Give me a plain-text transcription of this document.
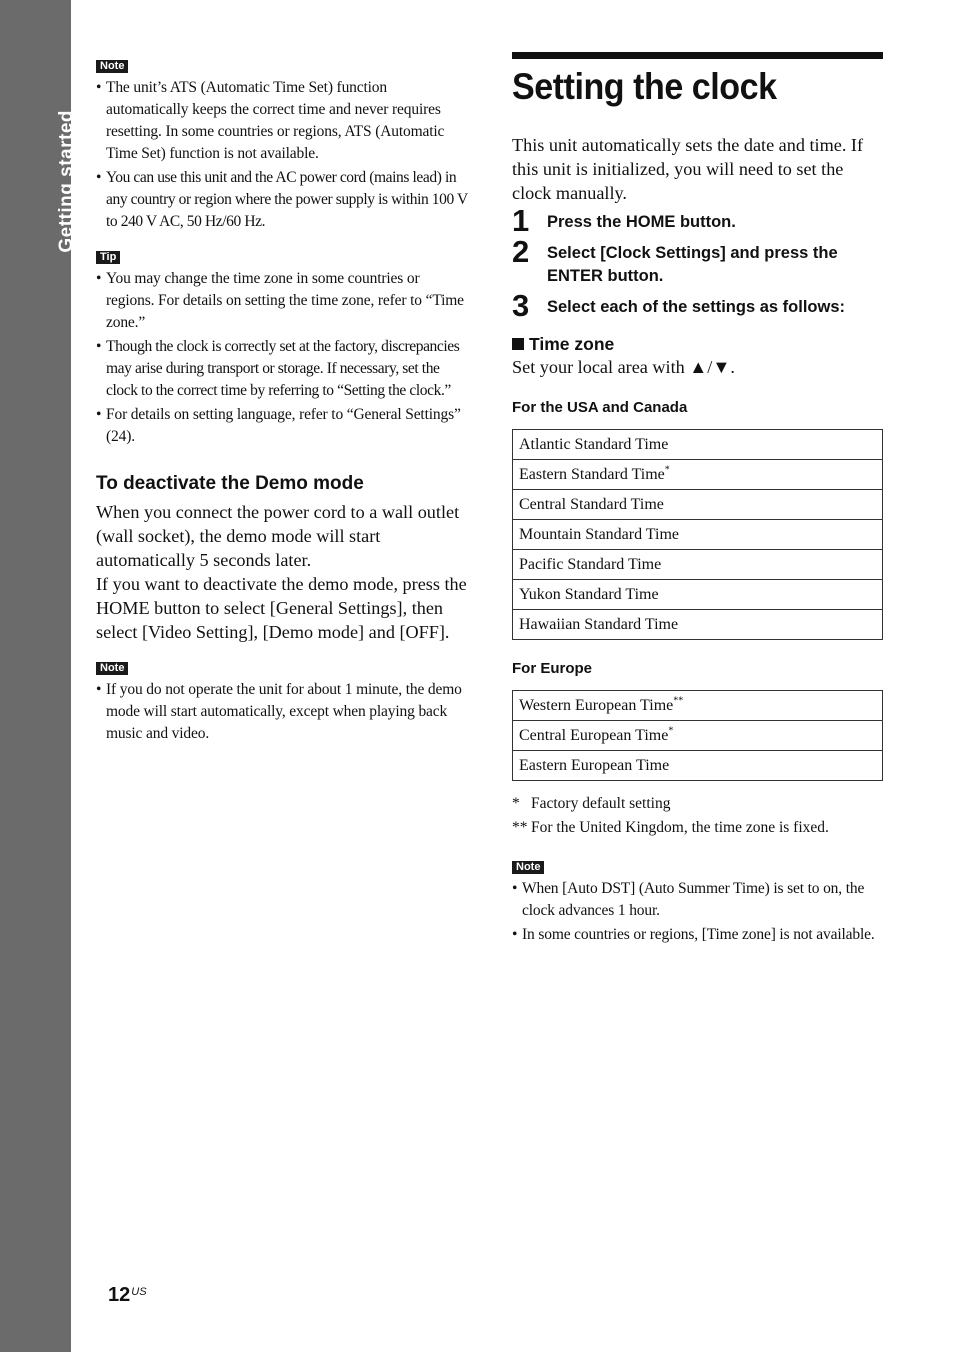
Getting started
Note
• The unit’s ATS (Automatic Time Set) function automatically keeps the correct time and never requires resetting. In some countries or regions, ATS (Automatic Time Set) function is not available.
• You can use this unit and the AC power cord (mains lead) in any country or region where the power supply is within 100 V to 240 V AC, 50 Hz/60 Hz.
Tip
• You may change the time zone in some countries or regions. For details on setting the time zone, refer to “Time zone.”
• Though the clock is correctly set at the factory, discrepancies may arise during transport or storage. If necessary, set the clock to the correct time by referring to “Setting the clock.”
• For details on setting language, refer to “General Settings” (24).
To deactivate the Demo mode

When you connect the power cord to a wall outlet (wall socket), the demo mode will start automatically 5 seconds later.

If you want to deactivate the demo mode, press the HOME button to select [General Settings], then select [Video Setting], [Demo mode] and [OFF].

Note
• If you do not operate the unit for about 1 minute, the demo mode will start automatically, except when playing back music and video.
Setting the clock

This unit automatically sets the date and time. If this unit is initialized, you will need to set the clock manually.

1 Press the HOME button.
2 Select [Clock Settings] and press the ENTER button.
3 Select each of the settings as follows:
Time zone

Set your local area with ▲/▼.

For the USA and Canada
Atlantic Standard Time
Eastern Standard Time*
Central Standard Time
Mountain Standard Time
Pacific Standard Time
Yukon Standard Time
Hawaiian Standard Time
For Europe
Western European Time**
Central European Time*
Eastern European Time

* Factory default setting

** For the United Kingdom, the time zone is fixed.

Note
• When [Auto DST] (Auto Summer Time) is set to on, the clock advances 1 hour.
• In some countries or regions, [Time zone] is not available.
$12^{US}$
